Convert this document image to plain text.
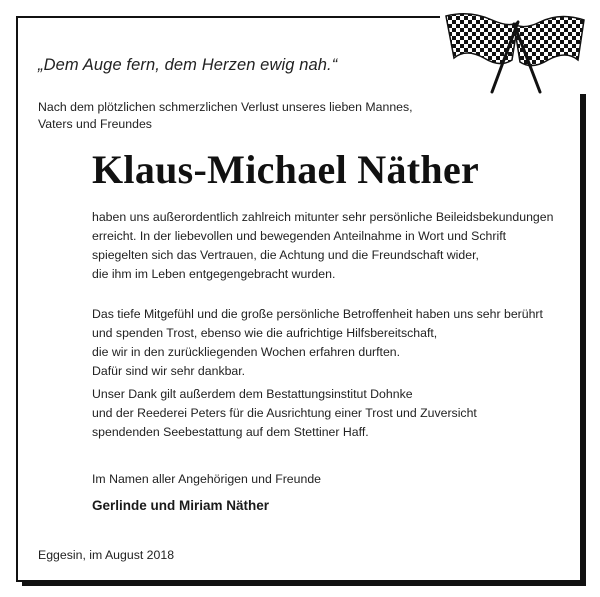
„Dem Auge fern, dem Herzen ewig nah.“
Nach dem plötzlichen schmerzlichen Verlust unseres lieben Mannes,
Vaters und Freundes
Klaus-Michael Näther
haben uns außerordentlich zahlreich mitunter sehr persönliche Beileidsbekundungen
erreicht. In der liebevollen und bewegenden Anteilnahme in Wort und Schrift
spiegelten sich das Vertrauen, die Achtung und die Freundschaft wider,
die ihm im Leben entgegengebracht wurden.
Das tiefe Mitgefühl und die große persönliche Betroffenheit haben uns sehr berührt
und spenden Trost, ebenso wie die aufrichtige Hilfsbereitschaft,
die wir in den zurückliegenden Wochen erfahren durften.
Dafür sind wir sehr dankbar.
Unser Dank gilt außerdem dem Bestattungsinstitut Dohnke
und der Reederei Peters für die Ausrichtung einer Trost und Zuversicht
spendenden Seebestattung auf dem Stettiner Haff.
Im Namen aller Angehörigen und Freunde
Gerlinde und Miriam Näther
Eggesin, im August 2018
